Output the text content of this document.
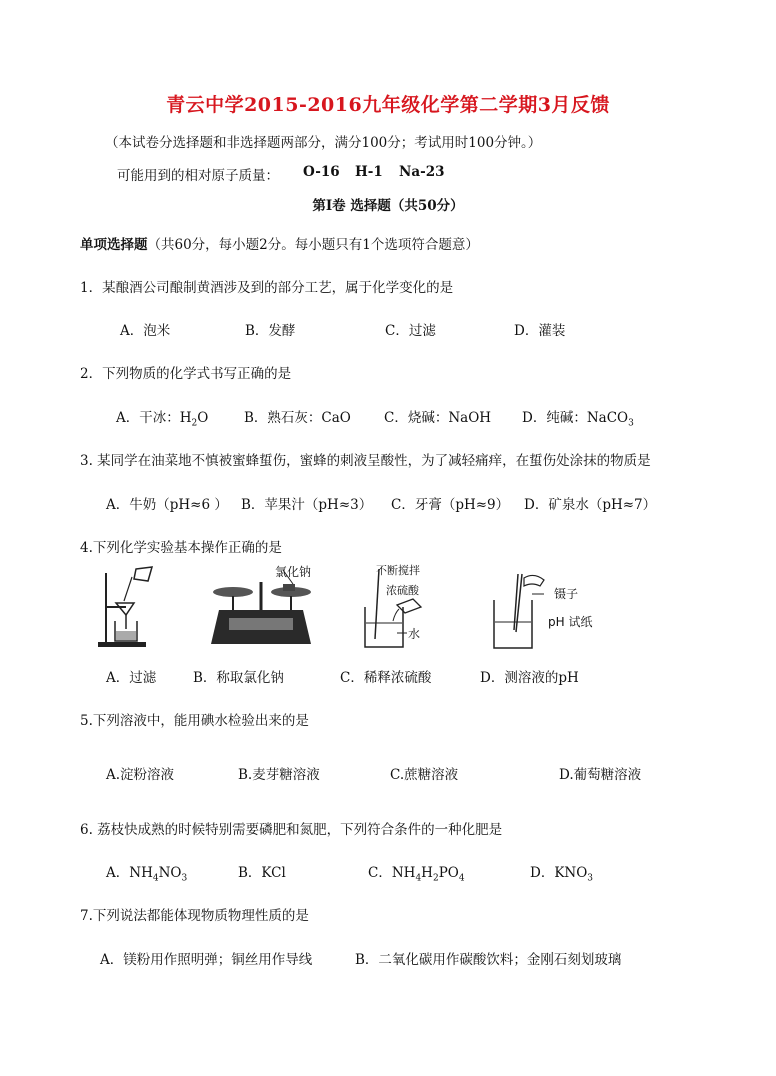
青云中学2015-2016九年级化学第二学期3月反馈
（本试卷分选择题和非选择题两部分，满分100分；考试用时100分钟。）
可能用到的相对原子质量： O-16 H-1 Na-23
第Ⅰ卷 选择题（共50分）
单项选择题（共60分，每小题2分。每小题只有1个选项符合题意）
1．某酿酒公司酿制黄酒涉及到的部分工艺，属于化学变化的是
A．泡米	B．发酵	C．过滤	D．灌装
2．下列物质的化学式书写正确的是
A．干冰：$H_2O$	B．熟石灰：CaO C．烧碱：NaOH D．纯碱：NaCO$_3$
3. 某同学在油菜地不慎被蜜蜂蜇伤，蜜蜂的刺液呈酸性，为了减轻痛痒，在蜇伤处涂抹的物质是
A．牛奶（pH≈6 ） B．苹果汁（pH≈3） C．牙膏（pH≈9） D．矿泉水（pH≈7）
4.下列化学实验基本操作正确的是
氯化钠	不断搅拌
浓硫酸
水
镊子
pH 试纸
A．过滤	B．称取氯化钠	C．稀释浓硫酸	D．测溶液的pH
5.下列溶液中，能用碘水检验出来的是
A.淀粉溶液	B.麦芽糖溶液	C.蔗糖溶液	D.葡萄糖溶液
6. 荔枝快成熟的时候特别需要磷肥和氮肥，下列符合条件的一种化肥是
A．$NH_4NO_3$	B．KCl	C．$NH_4H_2PO_4$	D．$KNO_3$
7.下列说法都能体现物质物理性质的是
A．镁粉用作照明弹；铜丝用作导线	B．二氧化碳用作碳酸饮料；金刚石刻划玻璃
